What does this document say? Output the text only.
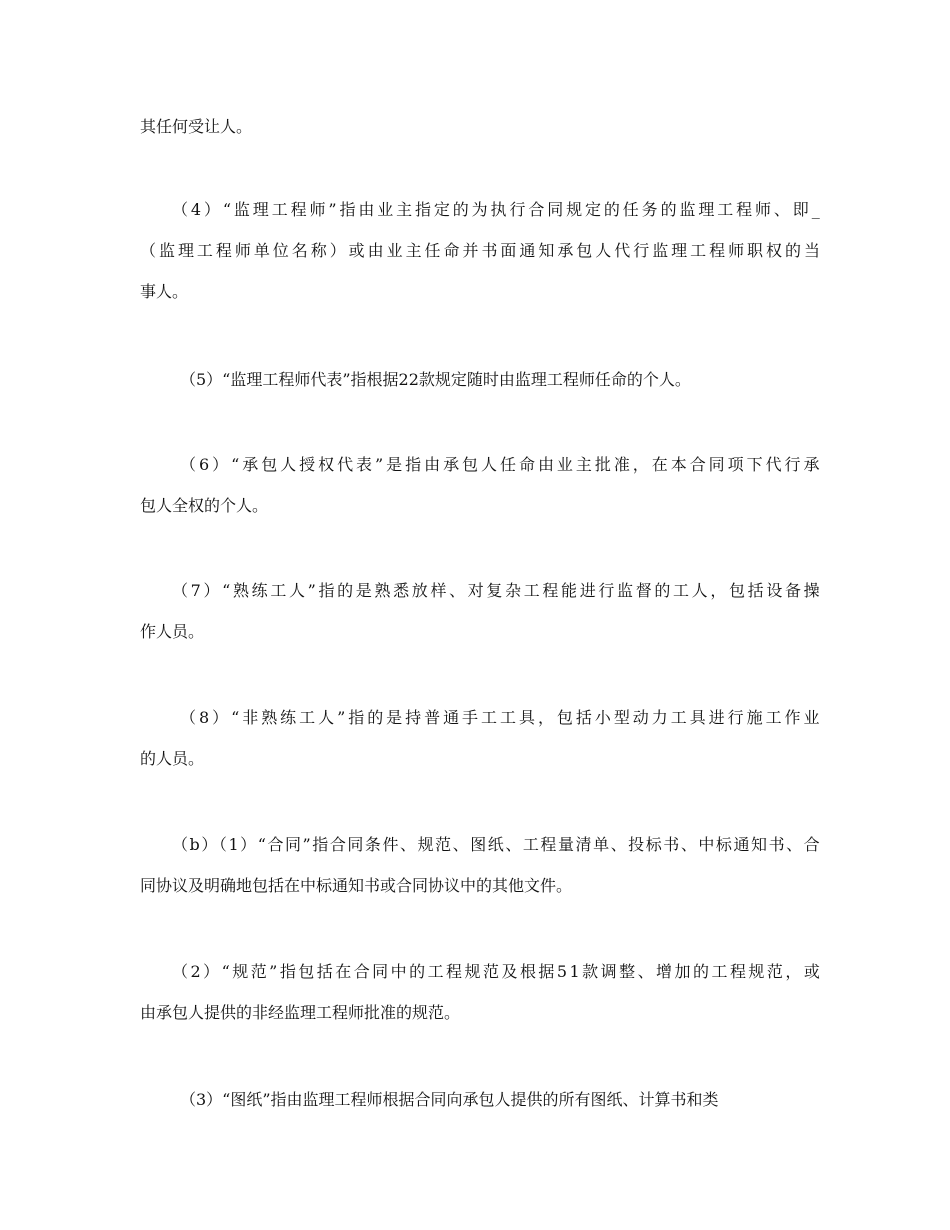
其任何受让人。
（4）“监理工程师”指由业主指定的为执行合同规定的任务的监理工程师、即_
（监理工程师单位名称）或由业主任命并书面通知承包人代行监理工程师职权的当
事人。
（5）“监理工程师代表”指根据22款规定随时由监理工程师任命的个人。
（6）“承包人授权代表”是指由承包人任命由业主批准，在本合同项下代行承
包人全权的个人。
（7）“熟练工人”指的是熟悉放样、对复杂工程能进行监督的工人，包括设备操
作人员。
（8）“非熟练工人”指的是持普通手工工具，包括小型动力工具进行施工作业
的人员。
（b）（1）“合同”指合同条件、规范、图纸、工程量清单、投标书、中标通知书、合
同协议及明确地包括在中标通知书或合同协议中的其他文件。
（2）“规范”指包括在合同中的工程规范及根据51款调整、增加的工程规范，或
由承包人提供的非经监理工程师批准的规范。
（3）“图纸”指由监理工程师根据合同向承包人提供的所有图纸、计算书和类
